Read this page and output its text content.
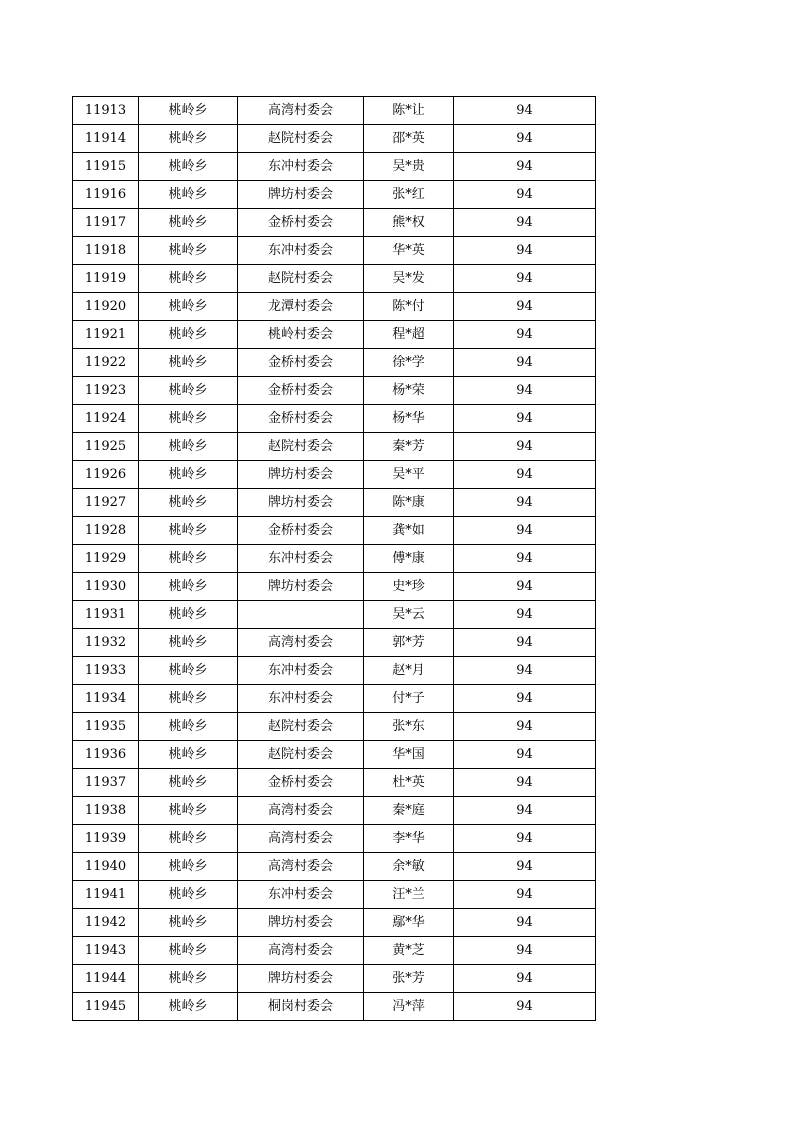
11913	桃岭乡	高湾村委会	陈*让	94
11914	桃岭乡	赵院村委会	邵*英	94
11915	桃岭乡	东冲村委会	吴*贵	94
11916	桃岭乡	牌坊村委会	张*红	94
11917	桃岭乡	金桥村委会	熊*权	94
11918	桃岭乡	东冲村委会	华*英	94
11919	桃岭乡	赵院村委会	吴*发	94
11920	桃岭乡	龙潭村委会	陈*付	94
11921	桃岭乡	桃岭村委会	程*超	94
11922	桃岭乡	金桥村委会	徐*学	94
11923	桃岭乡	金桥村委会	杨*荣	94
11924	桃岭乡	金桥村委会	杨*华	94
11925	桃岭乡	赵院村委会	秦*芳	94
11926	桃岭乡	牌坊村委会	吴*平	94
11927	桃岭乡	牌坊村委会	陈*康	94
11928	桃岭乡	金桥村委会	龚*如	94
11929	桃岭乡	东冲村委会	傅*康	94
11930	桃岭乡	牌坊村委会	史*珍	94
11931	桃岭乡		吴*云	94
11932	桃岭乡	高湾村委会	郭*芳	94
11933	桃岭乡	东冲村委会	赵*月	94
11934	桃岭乡	东冲村委会	付*子	94
11935	桃岭乡	赵院村委会	张*东	94
11936	桃岭乡	赵院村委会	华*国	94
11937	桃岭乡	金桥村委会	杜*英	94
11938	桃岭乡	高湾村委会	秦*庭	94
11939	桃岭乡	高湾村委会	李*华	94
11940	桃岭乡	高湾村委会	余*敏	94
11941	桃岭乡	东冲村委会	汪*兰	94
11942	桃岭乡	牌坊村委会	鄢*华	94
11943	桃岭乡	高湾村委会	黄*芝	94
11944	桃岭乡	牌坊村委会	张*芳	94
11945	桃岭乡	桐岗村委会	冯*萍	94
